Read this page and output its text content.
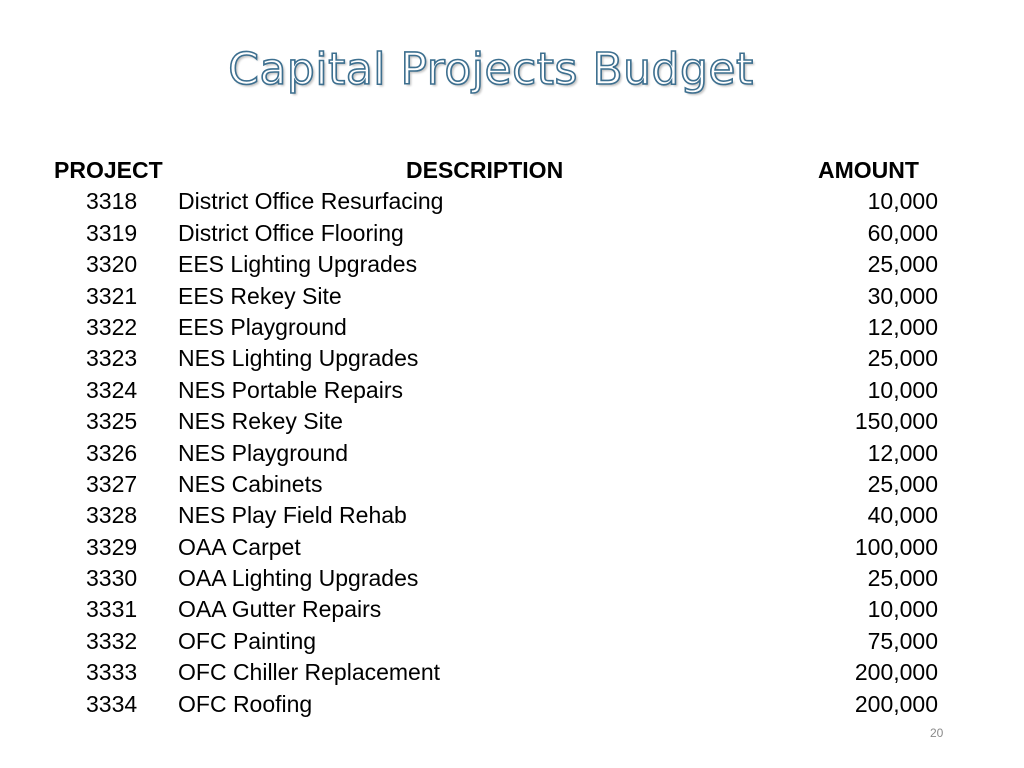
Capital Projects Budget
PROJECT	DESCRIPTION	AMOUNT
3318 District Office Resurfacing	10,000
3319 District Office Flooring	60,000
3320 EES Lighting Upgrades	25,000
3321 EES Rekey Site	30,000
3322 EES Playground	12,000
3323 NES Lighting Upgrades	25,000
3324 NES Portable Repairs	10,000
3325 NES Rekey Site	150,000
3326 NES Playground	12,000
3327 NES Cabinets	25,000
3328 NES Play Field Rehab	40,000
3329 OAA Carpet	100,000
3330 OAA Lighting Upgrades	25,000
3331 OAA Gutter Repairs	10,000
3332 OFC Painting	75,000
3333 OFC Chiller Replacement	200,000
3334 OFC Roofing	200,000
20
